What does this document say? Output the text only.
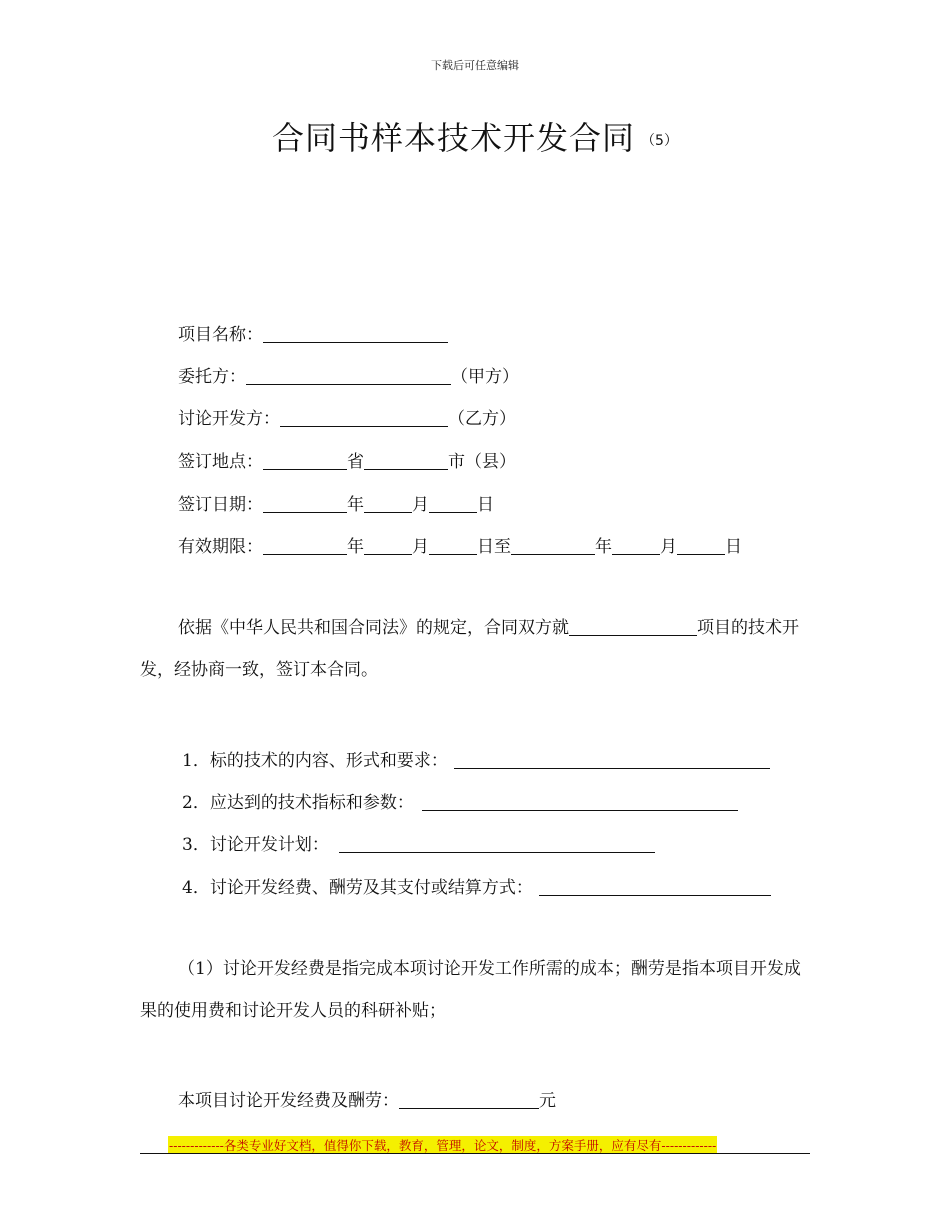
下载后可任意编辑
合同书样本技术开发合同 （5）
项目名称：
委托方：	（甲方）
讨论开发方：	（乙方）
签订地点：	省	市（县）
签订日期：	年	月	日
有效期限：	年	月	日至	年	月	日
依据《中华人民共和国合同法》的规定，合同双方就	项目的技术开发，经协商一致，签订本合同。
1．标的技术的内容、形式和要求：
2．应达到的技术指标和参数：
3．讨论开发计划：
4．讨论开发经费、酬劳及其支付或结算方式：
（1）讨论开发经费是指完成本项讨论开发工作所需的成本；酬劳是指本项目开发成果的使用费和讨论开发人员的科研补贴；
本项目讨论开发经费及酬劳：	元
-------------各类专业好文档，值得你下载，教育，管理，论文，制度，方案手册，应有尽有-------------
